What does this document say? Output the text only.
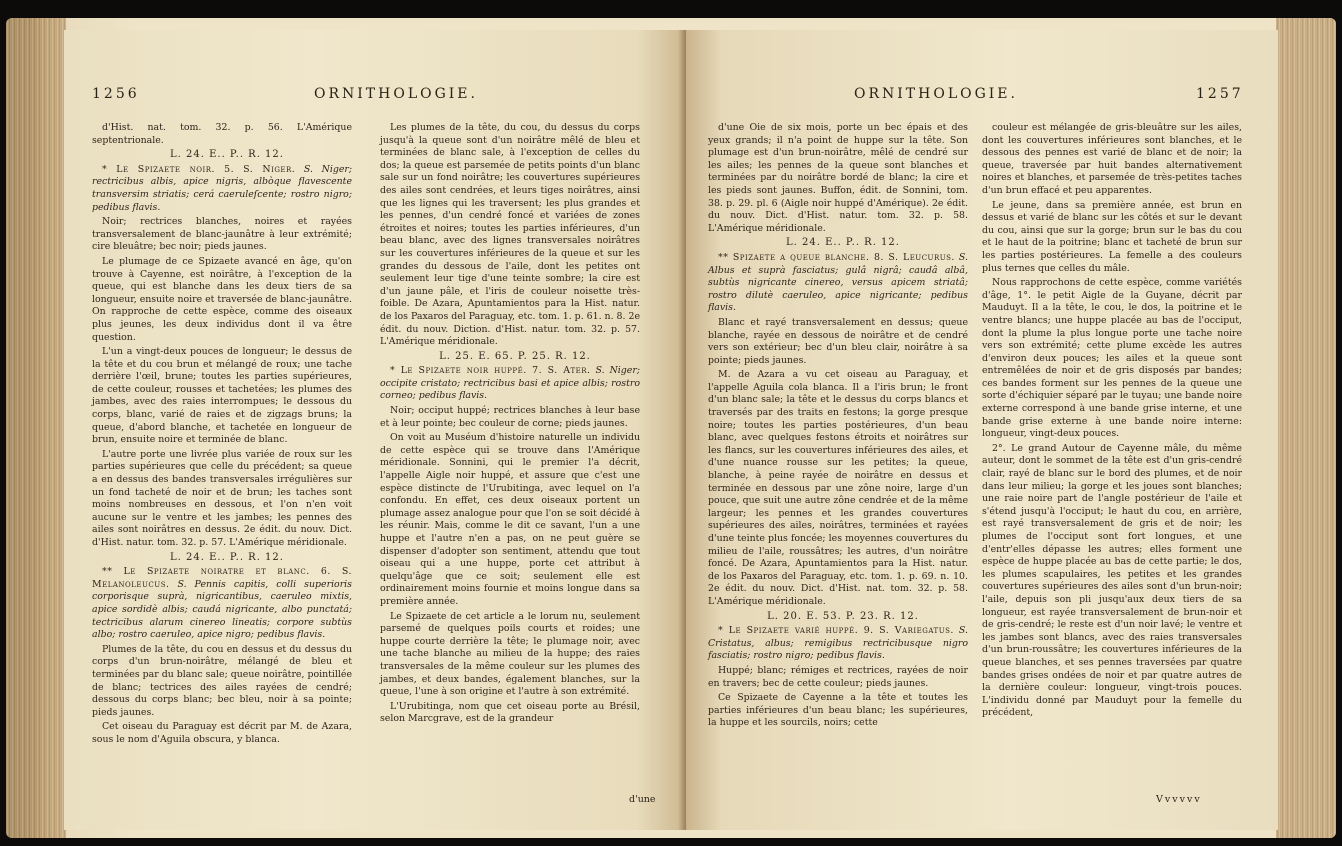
1256	ORNITHOLOGIE.

d'Hist. nat. tom. 32. p. 56. L'Amérique septentrionale.

L. 24. E.. P.. R. 12.

* Le Spizaete noir. 5. S. Niger. S. Niger; rectricibus albis, apice nigris, albòque flavescente transversim striatis; cerá caeruleſcente; rostro nigro; pedibus flavis.

Noir; rectrices blanches, noires et rayées transversalement de blanc-jaunâtre à leur extrémité; cire bleuâtre; bec noir; pieds jaunes.

Le plumage de ce Spizaete avancé en âge, qu'on trouve à Cayenne, est noirâtre, à l'exception de la queue, qui est blanche dans les deux tiers de sa longueur, ensuite noire et traversée de blanc-jaunâtre. On rapproche de cette espèce, comme des oiseaux plus jeunes, les deux individus dont il va être question.

L'un a vingt-deux pouces de longueur; le dessus de la tête et du cou brun et mélangé de roux; une tache derrière l'œil, brune; toutes les parties supérieures, de cette couleur, rousses et tachetées; les plumes des jambes, avec des raies interrompues; le dessous du corps, blanc, varié de raies et de zigzags bruns; la queue, d'abord blanche, et tachetée en longueur de brun, ensuite noire et terminée de blanc.

L'autre porte une livrée plus variée de roux sur les parties supérieures que celle du précédent; sa queue a en dessus des bandes transversales irrégulières sur un fond tacheté de noir et de brun; les taches sont moins nombreuses en dessous, et l'on n'en voit aucune sur le ventre et les jambes; les pennes des ailes sont noirâtres en dessus. 2e édit. du nouv. Dict. d'Hist. natur. tom. 32. p. 57. L'Amérique méridionale.

L. 24. E.. P.. R. 12.

** Le Spizaete noiratre et blanc. 6. S. Melanoleucus. S. Pennis capitis, colli superioris corporisque suprà, nigricantibus, caeruleo mixtis, apice sordidè albis; caudá nigricante, albo punctatá; tectricibus alarum cinereo lineatis; corpore subtùs albo; rostro caeruleo, apice nigro; pedibus flavis.

Plumes de la tête, du cou en dessus et du dessus du corps d'un brun-noirâtre, mélangé de bleu et terminées par du blanc sale; queue noirâtre, pointillée de blanc; tectrices des ailes rayées de cendré; dessous du corps blanc; bec bleu, noir à sa pointe; pieds jaunes.

Cet oiseau du Paraguay est décrit par M. de Azara, sous le nom d'Aguila obscura, y blanca.

Les plumes de la tête, du cou, du dessus du corps jusqu'à la queue sont d'un noirâtre mêlé de bleu et terminées de blanc sale, à l'exception de celles du dos; la queue est parsemée de petits points d'un blanc sale sur un fond noirâtre; les couvertures supérieures des ailes sont cendrées, et leurs tiges noirâtres, ainsi que les lignes qui les traversent; les plus grandes et les pennes, d'un cendré foncé et variées de zones étroites et noires; toutes les parties inférieures, d'un beau blanc, avec des lignes transversales noirâtres sur les couvertures inférieures de la queue et sur les grandes du dessous de l'aile, dont les petites ont seulement leur tige d'une teinte sombre; la cire est d'un jaune pâle, et l'iris de couleur noisette très-foible. De Azara, Apuntamientos para la Hist. natur. de los Paxaros del Paraguay, etc. tom. 1. p. 61. n. 8. 2e édit. du nouv. Diction. d'Hist. natur. tom. 32. p. 57. L'Amérique méridionale.

L. 25. E. 65. P. 25. R. 12.

* Le Spizaete noir huppé. 7. S. Ater. S. Niger; occipite cristato; rectricibus basi et apice albis; rostro corneo; pedibus flavis.

Noir; occiput huppé; rectrices blanches à leur base et à leur pointe; bec couleur de corne; pieds jaunes.

On voit au Muséum d'histoire naturelle un individu de cette espèce qui se trouve dans l'Amérique méridionale. Sonnini, qui le premier l'a décrit, l'appelle Aigle noir huppé, et assure que c'est une espèce distincte de l'Urubitinga, avec lequel on l'a confondu. En effet, ces deux oiseaux portent un plumage assez analogue pour que l'on se soit décidé à les réunir. Mais, comme le dit ce savant, l'un a une huppe et l'autre n'en a pas, on ne peut guère se dispenser d'adopter son sentiment, attendu que tout oiseau qui a une huppe, porte cet attribut à quelqu'âge que ce soit; seulement elle est ordinairement moins fournie et moins longue dans sa première année.

Le Spizaete de cet article a le lorum nu, seulement parsemé de quelques poils courts et roides; une huppe courte derrière la tête; le plumage noir, avec une tache blanche au milieu de la huppe; des raies transversales de la même couleur sur les plumes des jambes, et deux bandes, également blanches, sur la queue, l'une à son origine et l'autre à son extrémité.

L'Urubitinga, nom que cet oiseau porte au Brésil, selon Marcgrave, est de la grandeur

d'une
ORNITHOLOGIE.	1257

d'une Oie de six mois, porte un bec épais et des yeux grands; il n'a point de huppe sur la tête. Son plumage est d'un brun-noirâtre, mêlé de cendré sur les ailes; les pennes de la queue sont blanches et terminées par du noirâtre bordé de blanc; la cire et les pieds sont jaunes. Buffon, édit. de Sonnini, tom. 38. p. 29. pl. 6 (Aigle noir huppé d'Amérique). 2e édit. du nouv. Dict. d'Hist. natur. tom. 32. p. 58. L'Amérique méridionale.

L. 24. E.. P.. R. 12.

** Spizaete a queue blanche. 8. S. Leucurus. S. Albus et suprà fasciatus; gulâ nigrâ; caudâ albâ, subtùs nigricante cinereo, versus apicem striatâ; rostro dilutè caeruleo, apice nigricante; pedibus flavis.

Blanc et rayé transversalement en dessus; queue blanche, rayée en dessous de noirâtre et de cendré vers son extérieur; bec d'un bleu clair, noirâtre à sa pointe; pieds jaunes.

M. de Azara a vu cet oiseau au Paraguay, et l'appelle Aguila cola blanca. Il a l'iris brun; le front d'un blanc sale; la tête et le dessus du corps blancs et traversés par des traits en festons; la gorge presque noire; toutes les parties postérieures, d'un beau blanc, avec quelques festons étroits et noirâtres sur les flancs, sur les couvertures inférieures des ailes, et d'une nuance rousse sur les petites; la queue, blanche, à peine rayée de noirâtre en dessus et terminée en dessous par une zône noire, large d'un pouce, que suit une autre zône cendrée et de la même largeur; les pennes et les grandes couvertures supérieures des ailes, noirâtres, terminées et rayées d'une teinte plus foncée; les moyennes couvertures du milieu de l'aile, roussâtres; les autres, d'un noirâtre foncé. De Azara, Apuntamientos para la Hist. natur. de los Paxaros del Paraguay, etc. tom. 1. p. 69. n. 10. 2e édit. du nouv. Dict. d'Hist. nat. tom. 32. p. 58. L'Amérique méridionale.

L. 20. E. 53. P. 23. R. 12.

* Le Spizaete varié huppé. 9. S. Variegatus. S. Cristatus, albus; remigibus rectricibusque nigro fasciatis; rostro nigro; pedibus flavis.

Huppé; blanc; rémiges et rectrices, rayées de noir en travers; bec de cette couleur; pieds jaunes.

Ce Spizaete de Cayenne a la tête et toutes les parties inférieures d'un beau blanc; les supérieures, la huppe et les sourcils, noirs; cette

couleur est mélangée de gris-bleuâtre sur les ailes, dont les couvertures inférieures sont blanches, et le dessous des pennes est varié de blanc et de noir; la queue, traversée par huit bandes alternativement noires et blanches, et parsemée de très-petites taches d'un brun effacé et peu apparentes.

Le jeune, dans sa première année, est brun en dessus et varié de blanc sur les côtés et sur le devant du cou, ainsi que sur la gorge; brun sur le bas du cou et le haut de la poitrine; blanc et tacheté de brun sur les parties postérieures. La femelle a des couleurs plus ternes que celles du mâle.

Nous rapprochons de cette espèce, comme variétés d'âge, 1°. le petit Aigle de la Guyane, décrit par Mauduyt. Il a la tête, le cou, le dos, la poitrine et le ventre blancs; une huppe placée au bas de l'occiput, dont la plume la plus longue porte une tache noire vers son extrémité; cette plume excède les autres d'environ deux pouces; les ailes et la queue sont entremêlées de noir et de gris disposés par bandes; ces bandes forment sur les pennes de la queue une sorte d'échiquier séparé par le tuyau; une bande noire externe correspond à une bande grise interne, et une bande grise externe à une bande noire interne: longueur, vingt-deux pouces.

2°. Le grand Autour de Cayenne mâle, du même auteur, dont le sommet de la tête est d'un gris-cendré clair, rayé de blanc sur le bord des plumes, et de noir dans leur milieu; la gorge et les joues sont blanches; une raie noire part de l'angle postérieur de l'aile et s'étend jusqu'à l'occiput; le haut du cou, en arrière, est rayé transversalement de gris et de noir; les plumes de l'occiput sont fort longues, et une d'entr'elles dépasse les autres; elles forment une espèce de huppe placée au bas de cette partie; le dos, les plumes scapulaires, les petites et les grandes couvertures supérieures des ailes sont d'un brun-noir; l'aile, depuis son pli jusqu'aux deux tiers de sa longueur, est rayée transversalement de brun-noir et de gris-cendré; le reste est d'un noir lavé; le ventre et les jambes sont blancs, avec des raies transversales d'un brun-roussâtre; les couvertures inférieures de la queue blanches, et ses pennes traversées par quatre bandes grises ondées de noir et par quatre autres de la dernière couleur: longueur, vingt-trois pouces. L'individu donné par Mauduyt pour la femelle du précédent,

Vvvvvv
